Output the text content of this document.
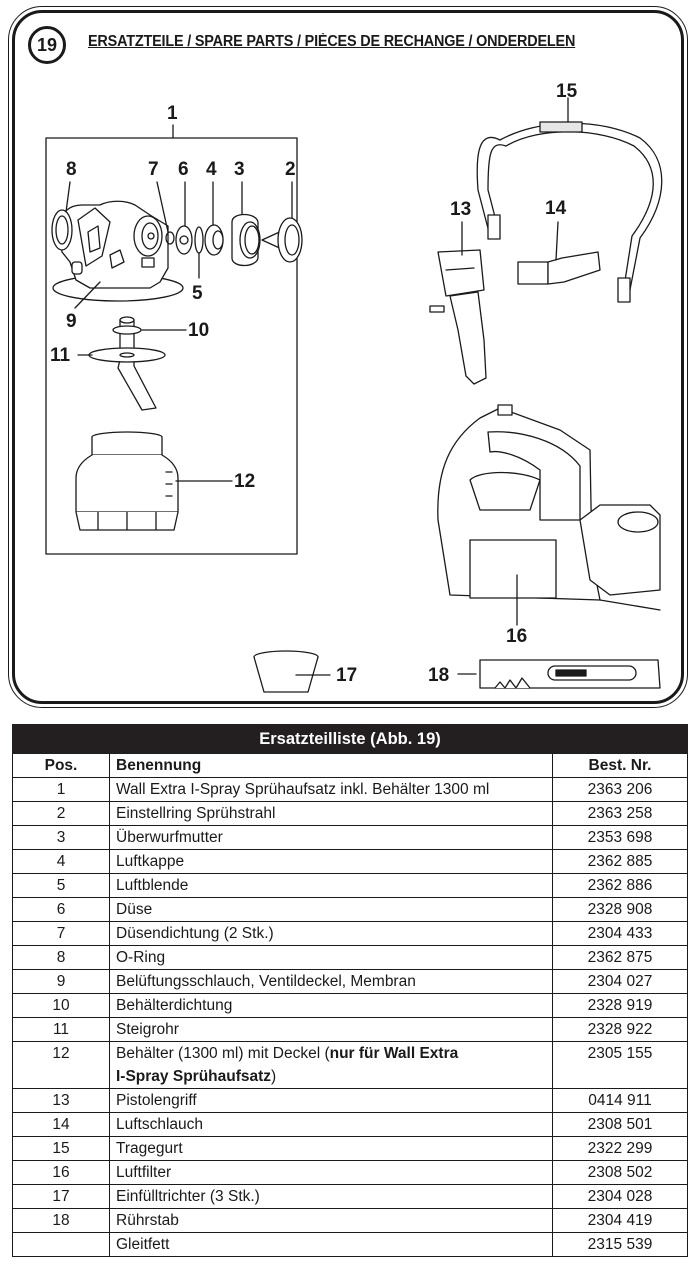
19 ERSATZTEILE / SPARE PARTS / PIÈCES DE RECHANGE / ONDERDELEN
1
2
3
4
5
6
7
8
9	10
11
12
13	14
15
16
17	18
Ersatzteilliste (Abb. 19)		
Pos.	Benennung	Best. Nr.
1	Wall Extra I-Spray Sprühaufsatz inkl. Behälter 1300 ml	2363 206
2	Einstellring Sprühstrahl	2363 258
3	Überwurfmutter	2353 698
4	Luftkappe	2362 885
5	Luftblende	2362 886
6	Düse	2328 908
7	Düsendichtung (2 Stk.)	2304 433
8	O-Ring	2362 875
9	Belüftungsschlauch, Ventildeckel, Membran	2304 027
10	Behälterdichtung	2328 919
11	Steigrohr	2328 922
12	Behälter (1300 ml) mit Deckel (nur für Wall Extra
I-Spray Sprühaufsatz)	2305 155
13	Pistolengriff	0414 911
14	Luftschlauch	2308 501
15	Tragegurt	2322 299
16	Luftfilter	2308 502
17	Einfülltrichter (3 Stk.)	2304 028
18	Rührstab	2304 419
	Gleitfett	2315 539
